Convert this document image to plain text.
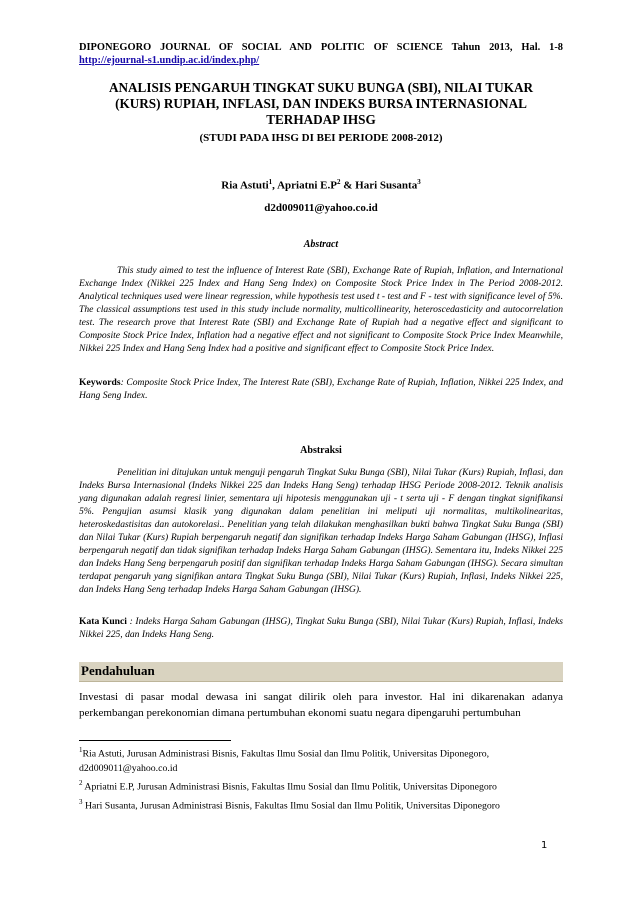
DIPONEGORO JOURNAL OF SOCIAL AND POLITIC OF SCIENCE Tahun 2013, Hal. 1-8
http://ejournal-s1.undip.ac.id/index.php/
ANALISIS PENGARUH TINGKAT SUKU BUNGA (SBI), NILAI TUKAR
(KURS) RUPIAH, INFLASI, DAN INDEKS BURSA INTERNASIONAL
TERHADAP IHSG
(STUDI PADA IHSG DI BEI PERIODE 2008-2012)
Ria Astuti$^1$, Apriatni $E.P^2$ & Hari Susanta$^3$
d2d009011@yahoo.co.id
Abstract
This study aimed to test the influence of Interest Rate (SBI), Exchange Rate of Rupiah, Inflation, and International Exchange Index (Nikkei 225 Index and Hang Seng Index) on Composite Stock Price Index in The Period 2008-2012. Analytical techniques used were linear regression, while hypothesis test used t - test and F - test with significance level of 5%. The classical assumptions test used in this study include normality, multicollinearity, heteroscedasticity and autocorrelation test. The research prove that Interest Rate (SBI) and Exchange Rate of Rupiah had a negative effect and significant to Composite Stock Price Index, Inflation had a negative effect and not significant to Composite Stock Price Index Meanwhile, Nikkei 225 Index and Hang Seng Index had a positive and significant effect to Composite Stock Price Index.
Keywords: Composite Stock Price Index, The Interest Rate (SBI), Exchange Rate of Rupiah, Inflation, Nikkei 225 Index, and Hang Seng Index.
Abstraksi
Penelitian ini ditujukan untuk menguji pengaruh Tingkat Suku Bunga (SBI), Nilai Tukar (Kurs) Rupiah, Inflasi, dan Indeks Bursa Internasional (Indeks Nikkei 225 dan Indeks Hang Seng) terhadap IHSG Periode 2008-2012. Teknik analisis yang digunakan adalah regresi linier, sementara uji hipotesis menggunakan uji - t serta uji - F dengan tingkat signifikansi 5%. Pengujian asumsi klasik yang digunakan dalam penelitian ini meliputi uji normalitas, multikolinearitas, heteroskedastisitas dan autokorelasi.. Penelitian yang telah dilakukan menghasilkan bukti bahwa Tingkat Suku Bunga (SBI) dan Nilai Tukar (Kurs) Rupiah berpengaruh negatif dan signifikan terhadap Indeks Harga Saham Gabungan (IHSG), Inflasi berpengaruh negatif dan tidak signifikan terhadap Indeks Harga Saham Gabungan (IHSG). Sementara itu, Indeks Nikkei 225 dan Indeks Hang Seng berpengaruh positif dan signifikan terhadap Indeks Harga Saham Gabungan (IHSG). Secara simultan terdapat pengaruh yang signifikan antara Tingkat Suku Bunga (SBI), Nilai Tukar (Kurs) Rupiah, Inflasi, Indeks Nikkei 225, dan Indeks Hang Seng terhadap Indeks Harga Saham Gabungan (IHSG).
Kata Kunci : Indeks Harga Saham Gabungan (IHSG), Tingkat Suku Bunga (SBI), Nilai Tukar (Kurs) Rupiah, Inflasi, Indeks Nikkei 225, dan Indeks Hang Seng.
Pendahuluan
Investasi di pasar modal dewasa ini sangat dilirik oleh para investor. Hal ini dikarenakan adanya perkembangan perekonomian dimana pertumbuhan ekonomi suatu negara dipengaruhi pertumbuhan
$^1$Ria Astuti, Jurusan Administrasi Bisnis, Fakultas Ilmu Sosial dan Ilmu Politik, Universitas Diponegoro,
d2d009011@yahoo.co.id
$^2$ Apriatni E.P, Jurusan Administrasi Bisnis, Fakultas Ilmu Sosial dan Ilmu Politik, Universitas Diponegoro
$^3$ Hari Susanta, Jurusan Administrasi Bisnis, Fakultas Ilmu Sosial dan Ilmu Politik, Universitas Diponegoro
1
